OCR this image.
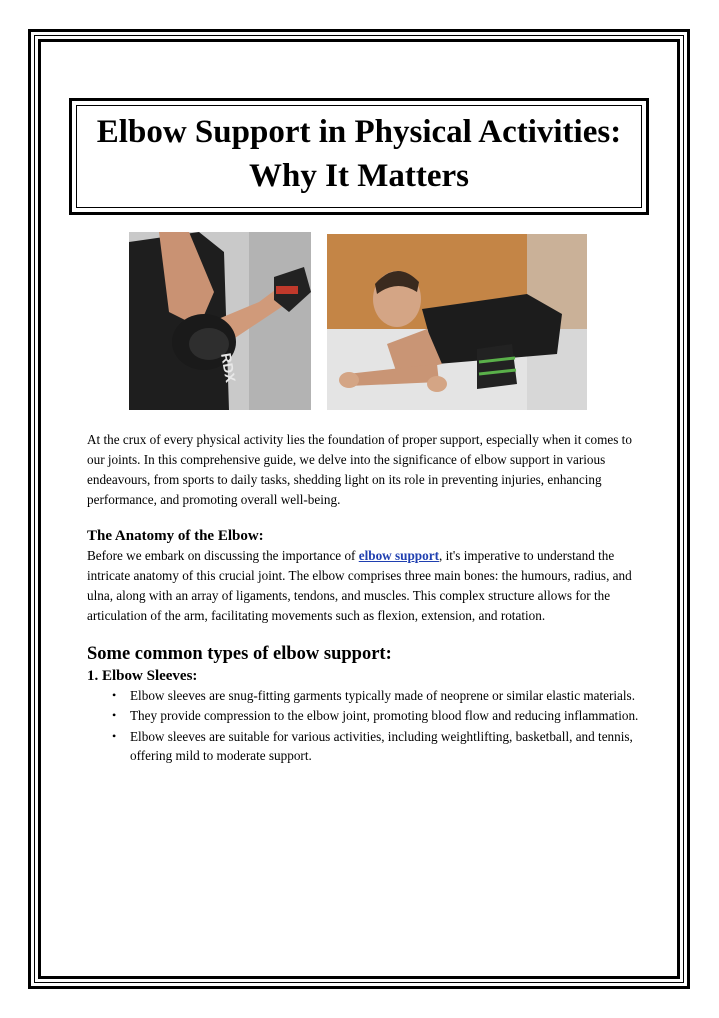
Elbow Support in Physical Activities: Why It Matters
RDX

At the crux of every physical activity lies the foundation of proper support, especially when it comes to our joints. In this comprehensive guide, we delve into the significance of elbow support in various endeavours, from sports to daily tasks, shedding light on its role in preventing injuries, enhancing performance, and promoting overall well-being.

The Anatomy of the Elbow:

Before we embark on discussing the importance of elbow support, it's imperative to understand the intricate anatomy of this crucial joint. The elbow comprises three main bones: the humours, radius, and ulna, along with an array of ligaments, tendons, and muscles. This complex structure allows for the articulation of the arm, facilitating movements such as flexion, extension, and rotation.

Some common types of elbow support:

1. Elbow Sleeves:

• Elbow sleeves are snug-fitting garments typically made of neoprene or similar elastic materials.
• They provide compression to the elbow joint, promoting blood flow and reducing inflammation.
• Elbow sleeves are suitable for various activities, including weightlifting, basketball, and tennis, offering mild to moderate support.
